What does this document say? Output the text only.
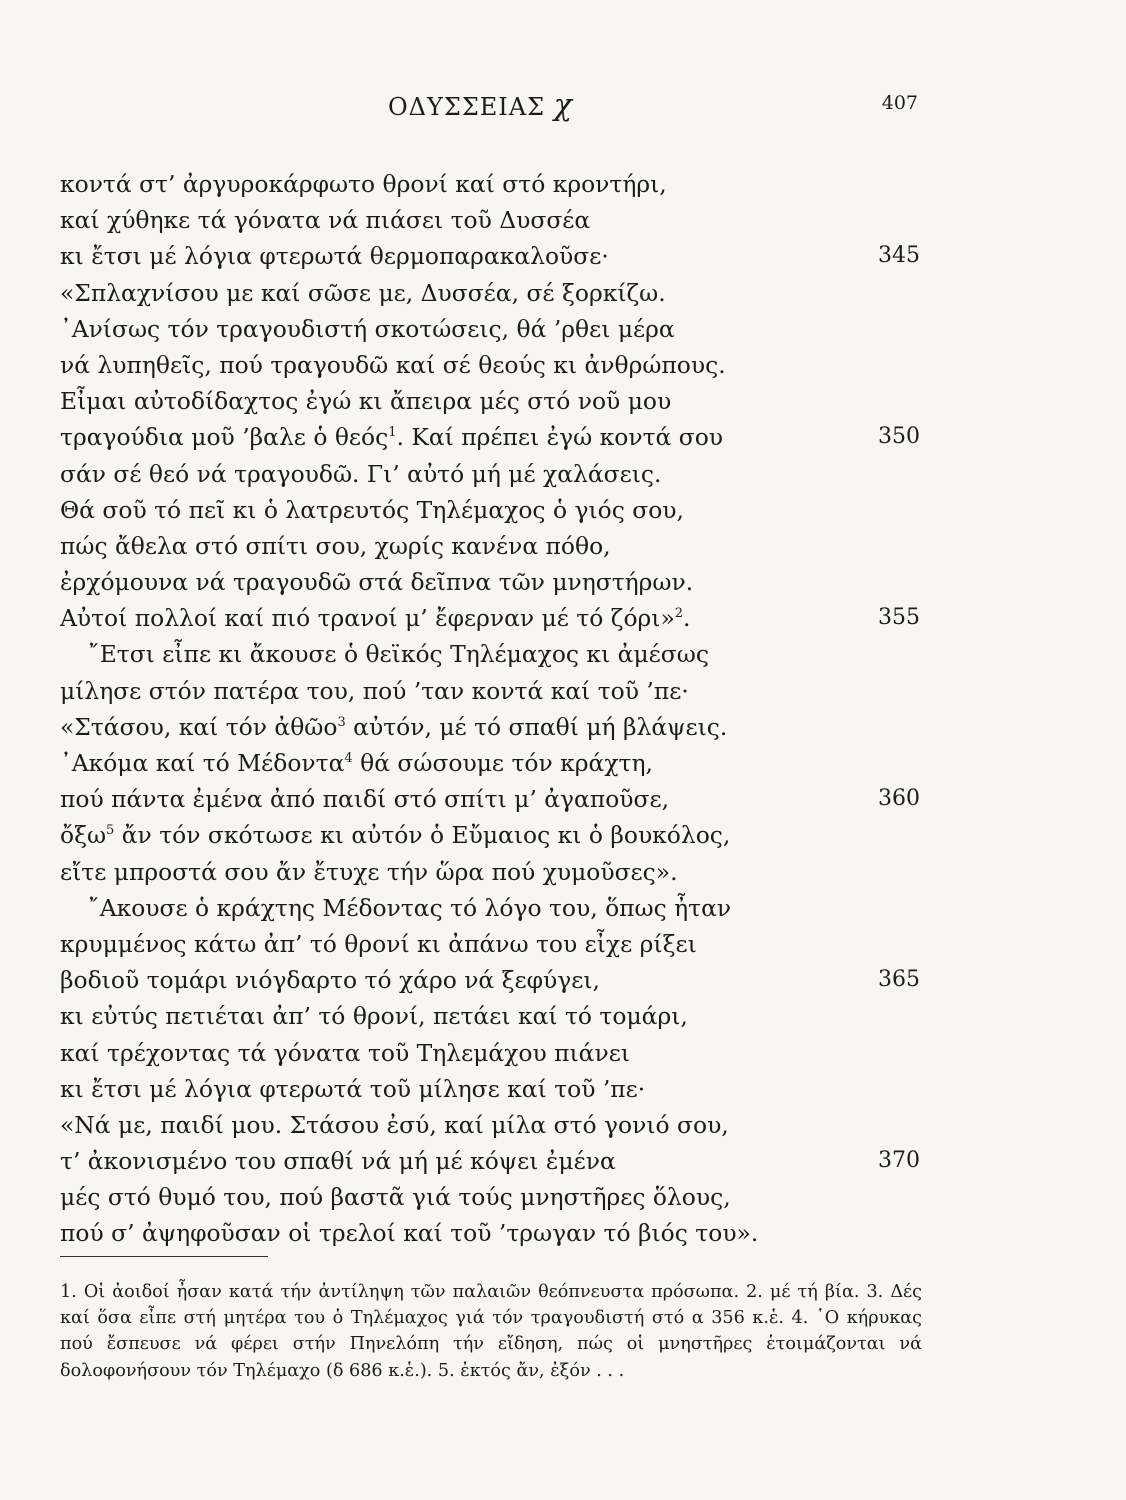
ΟΔΥΣΣΕΙΑΣ χ	407
κοντά στ’ ἀργυροκάρφωτο θρονί καί στό κροντήρι,
καί χύθηκε τά γόνατα νά πιάσει τοῦ Δυσσέα
κι ἔτσι μέ λόγια φτερωτά θερμοπαρακαλοῦσε·	345
«Σπλαχνίσου με καί σῶσε με, Δυσσέα, σέ ξορκίζω.
᾿Ανίσως τόν τραγουδιστή σκοτώσεις, θά ’ρθει μέρα
νά λυπηθεῖς, πού τραγουδῶ καί σέ θεούς κι ἀνθρώπους.
Εἶμαι αὐτοδίδαχτος ἐγώ κι ἄπειρα μές στό νοῦ μου
τραγούδια μοῦ ’βαλε ὁ θεός$^1$. Καί πρέπει ἐγώ κοντά σου	350
σάν σέ θεό νά τραγουδῶ. Γι’ αὐτό μή μέ χαλάσεις.
Θά σοῦ τό πεῖ κι ὁ λατρευτός Τηλέμαχος ὁ γιός σου,
πώς ἄθελα στό σπίτι σου, χωρίς κανένα πόθο,
ἐρχόμουνα νά τραγουδῶ στά δεῖπνα τῶν μνηστήρων.
Αὐτοί πολλοί καί πιό τρανοί μ’ ἔφερναν μέ τό ζόρι»$^2$.	355
῎Ετσι εἶπε κι ἄκουσε ὁ θεϊκός Τηλέμαχος κι ἀμέσως
μίλησε στόν πατέρα του, πού ’ταν κοντά καί τοῦ ’πε·
«Στάσου, καί τόν ἀθῶο$^3$ αὐτόν, μέ τό σπαθί μή βλάψεις.
᾿Ακόμα καί τό Μέδοντα$^4$ θά σώσουμε τόν κράχτη,
πού πάντα ἐμένα ἀπό παιδί στό σπίτι μ’ ἀγαποῦσε,	360
ὄξω$^5$ ἄν τόν σκότωσε κι αὐτόν ὁ Εὔμαιος κι ὁ βουκόλος,
εἴτε μπροστά σου ἄν ἔτυχε τήν ὥρα πού χυμοῦσες».
῎Ακουσε ὁ κράχτης Μέδοντας τό λόγο του, ὅπως ἦταν
κρυμμένος κάτω ἀπ’ τό θρονί κι ἀπάνω του εἶχε ρίξει
βοδιοῦ τομάρι νιόγδαρτο τό χάρο νά ξεφύγει,	365
κι εὐτύς πετιέται ἀπ’ τό θρονί, πετάει καί τό τομάρι,
καί τρέχοντας τά γόνατα τοῦ Τηλεμάχου πιάνει
κι ἔτσι μέ λόγια φτερωτά τοῦ μίλησε καί τοῦ ’πε·
«Νά με, παιδί μου. Στάσου ἐσύ, καί μίλα στό γονιό σου,
τ’ ἀκονισμένο του σπαθί νά μή μέ κόψει ἐμένα	370
μές στό θυμό του, πού βαστᾶ γιά τούς μνηστῆρες ὅλους,
πού σ’ ἀψηφοῦσαν οἱ τρελοί καί τοῦ ’τρωγαν τό βιός του».

1. Οἱ ἀοιδοί ἦσαν κατά τήν ἀντίληψη τῶν παλαιῶν θεόπνευστα πρόσωπα. 2. μέ τή βία. 3. Δές καί ὅσα εἶπε στή μητέρα του ὁ Τηλέμαχος γιά τόν τραγουδιστή στό α 356 κ.ἑ. 4. ῾Ο κήρυκας πού ἔσπευσε νά φέρει στήν Πηνελόπη τήν εἴδηση, πώς οἱ μνηστῆρες ἑτοιμάζονται νά δολοφονήσουν τόν Τηλέμαχο (δ 686 κ.ἑ.). 5. ἐκτός ἄν, ἐξόν . . .
